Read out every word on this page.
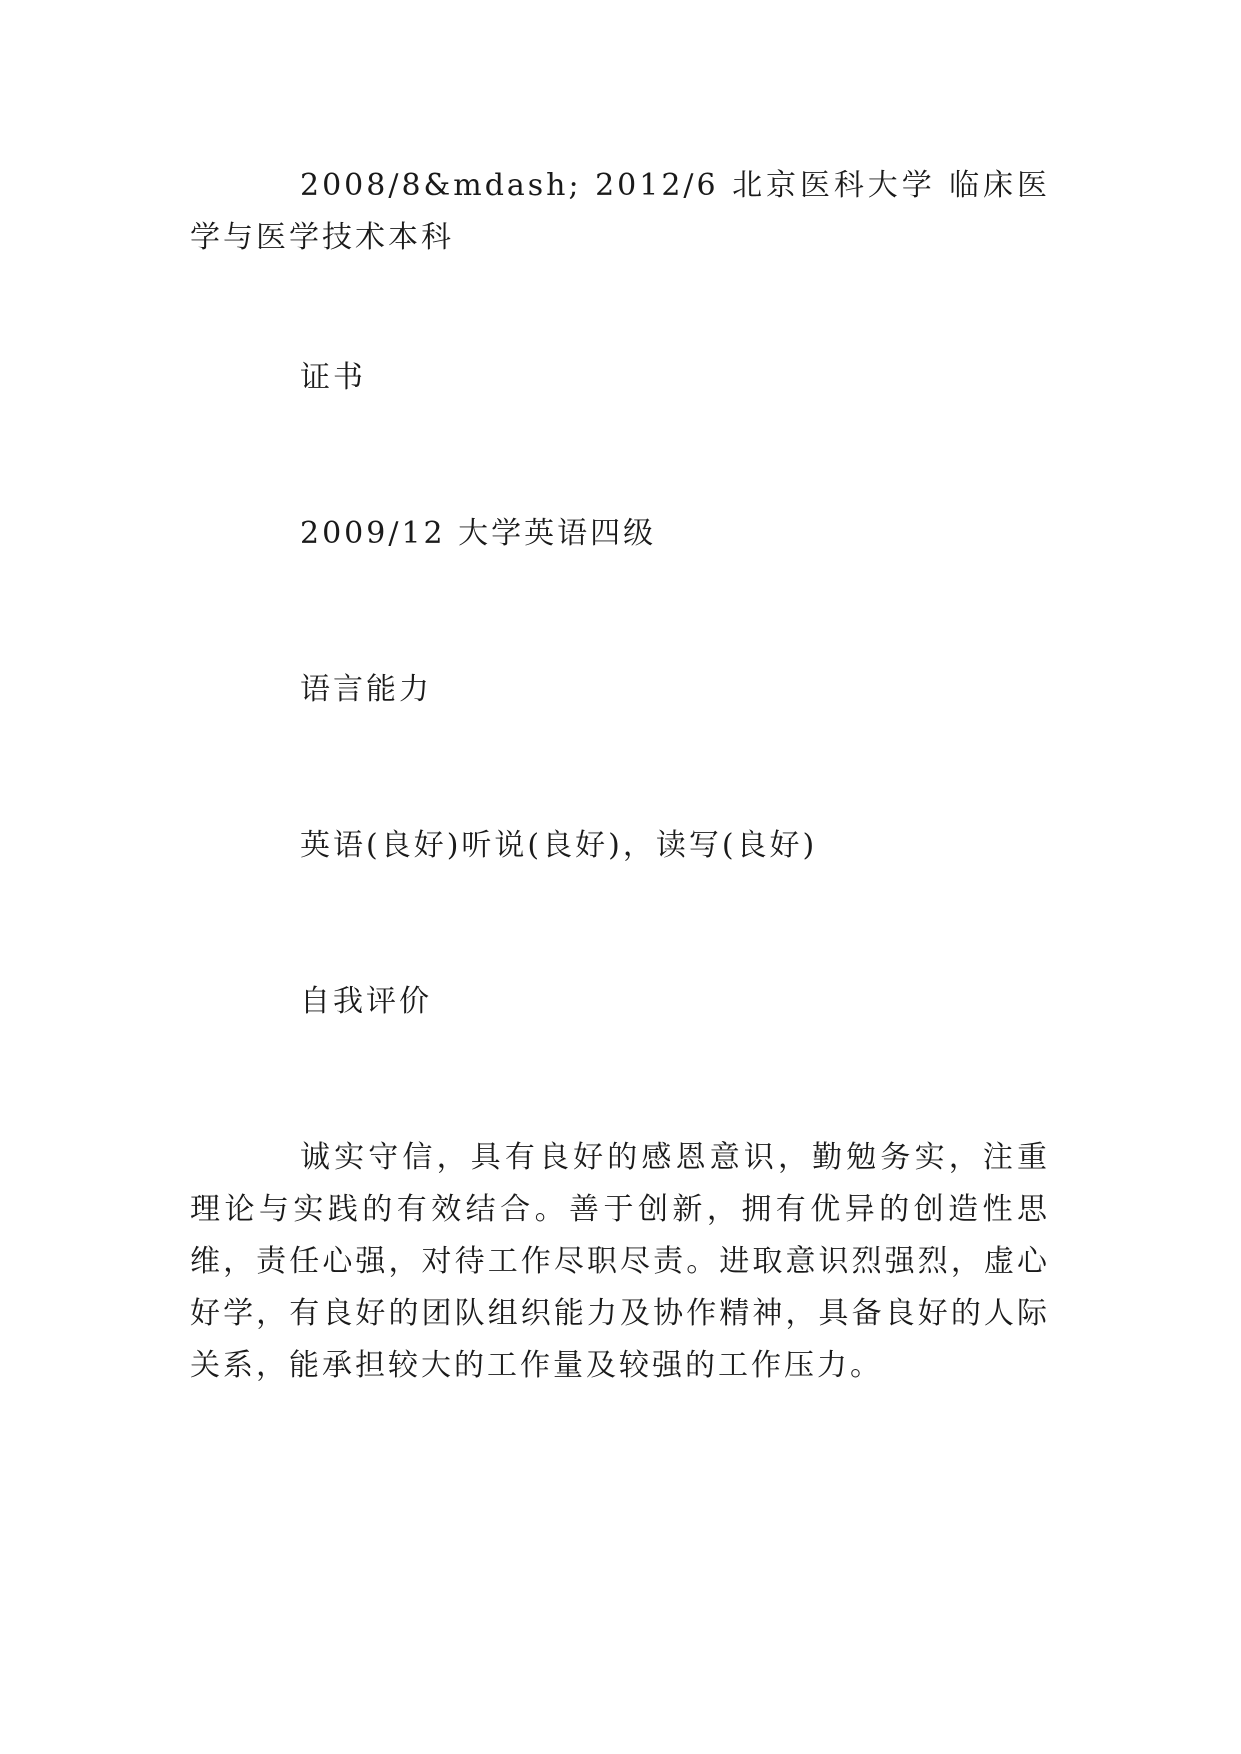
2008/8&mdash; 2012/6 北京医科大学 临床医学与医学技术本科

证书

2009/12 大学英语四级

语言能力

英语(良好)听说(良好)，读写(良好)

自我评价

诚实守信，具有良好的感恩意识，勤勉务实，注重理论与实践的有效结合。善于创新，拥有优异的创造性思维，责任心强，对待工作尽职尽责。进取意识烈强烈，虚心好学，有良好的团队组织能力及协作精神，具备良好的人际关系，能承担较大的工作量及较强的工作压力。
